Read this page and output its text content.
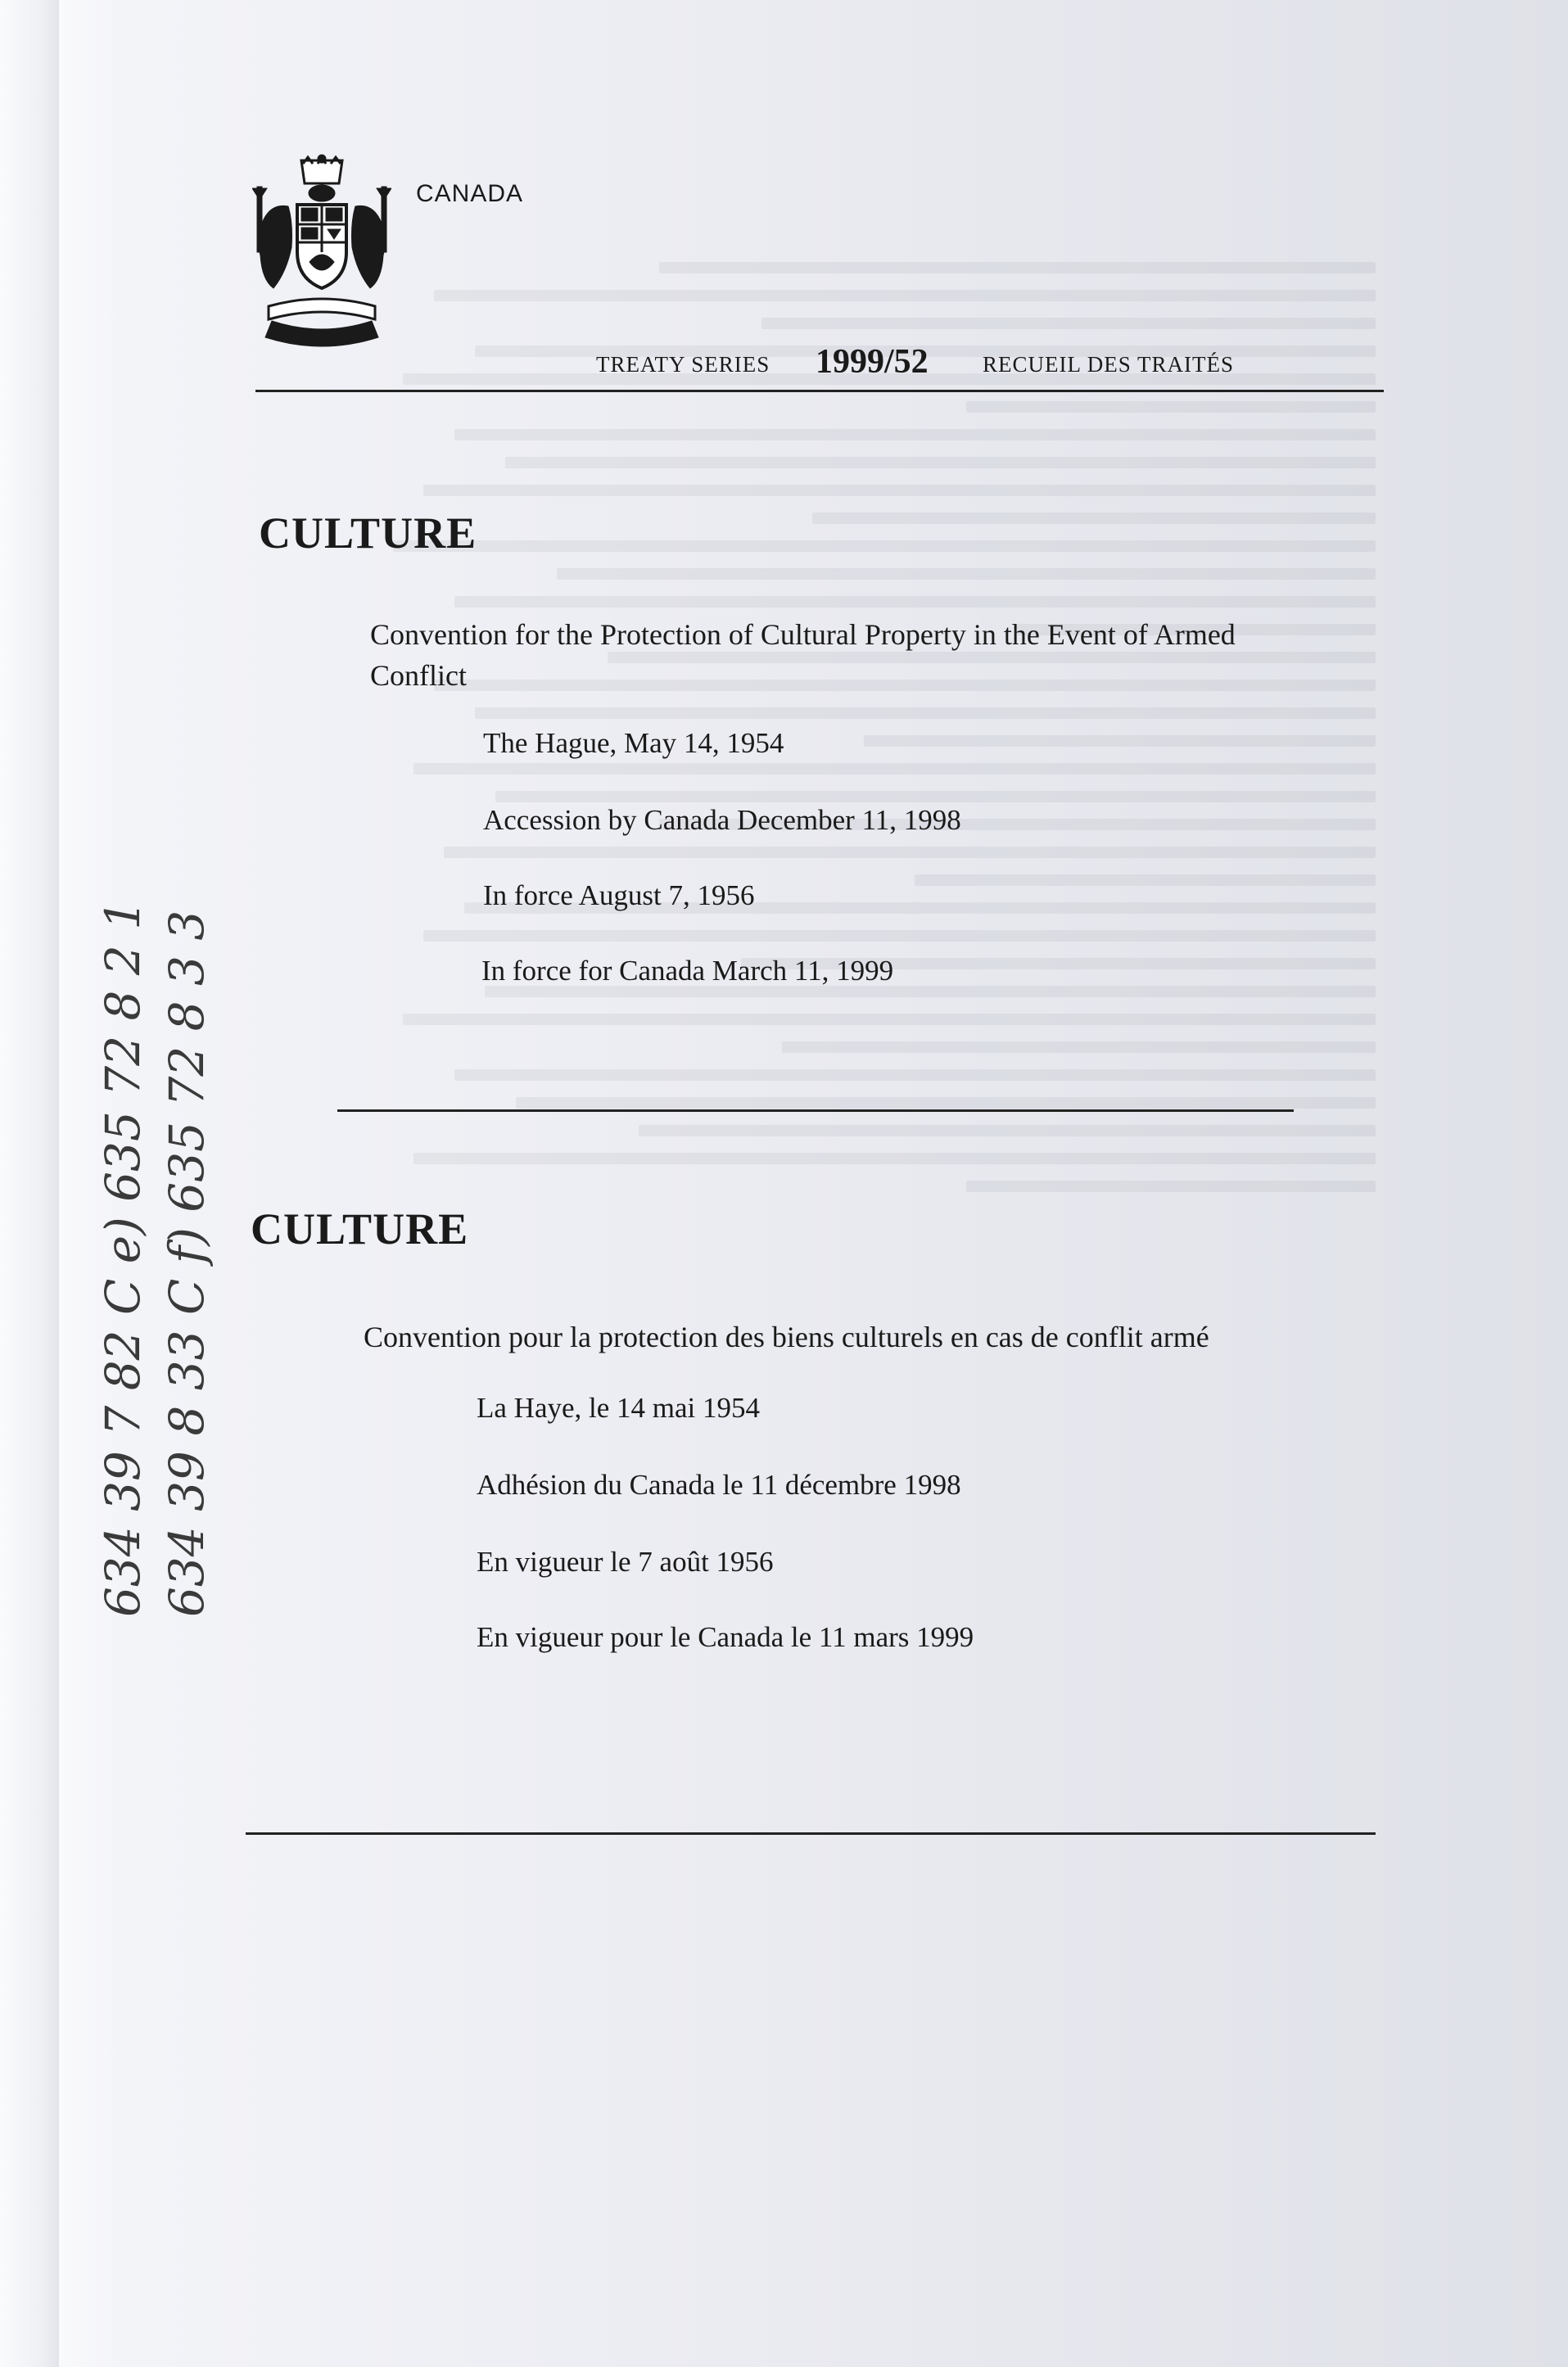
CANADA
TREATY SERIES 1999/52 RECUEIL DES TRAITÉS
CULTURE
Convention for the Protection of Cultural Property in the Event of Armed Conflict
The Hague, May 14, 1954
Accession by Canada December 11, 1998
In force August 7, 1956
In force for Canada March 11, 1999
CULTURE
Convention pour la protection des biens culturels en cas de conflit armé
La Haye, le 14 mai 1954
Adhésion du Canada le 11 décembre 1998
En vigueur le 7 août 1956
En vigueur pour le Canada le 11 mars 1999
634 39 7 82 C e) 635 72 8 2 1 634 39 8 33 C f) 635 72 8 3 3
